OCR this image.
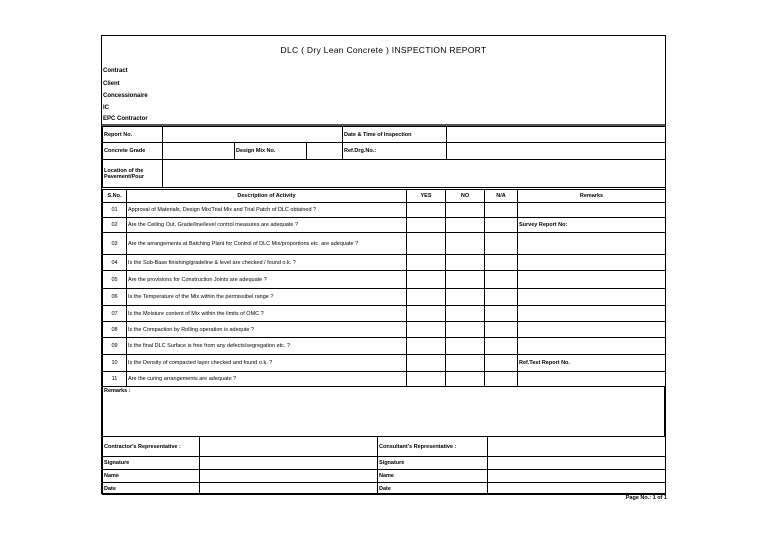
DLC ( Dry Lean Concrete ) INSPECTION REPORT
Contract
Client
Concessionaire
IC
EPC Contractor
Report No.				Date & Time of Inspection	
Concrete Grade		Design Mix No.		Ref.Drg.No.:	
Location of the Pavement/Pour					
S.No.	Description of Activity	YES	NO	N/A	Remarks
01	Approval of Materials, Design Mix/Trial Mix and Trial Patch of DLC obtained ?				
02	Are the Ceiling Out, Grade/line/level control measures are adequate ?				Survey Report No:
03	Are the arrangements at Batching Plant for Control of DLC Mix/proportions etc. are adequate ?				
04	Is the Sub-Base finishing/gradeline & level are checked / found o.k. ?				
05	Are the provisions for Construction Joints are adequate ?				
06	Is the Temperature of the Mix within the permissibel range ?				
07	Is the Moisture content of Mix within the limits of OMC ?				
08	Is the Compaction by Rolling operation is adequte ?				
09	Is the final DLC Surface is free from any defects/segregation etc. ?				
10	Is the Density of compacted layer checked and found o.k. ?				Ref.Test Report No.
11	Are the curing arrangements are adequate ?				
Remarks :
Contractor's Representative :		Consultant's Representative :	
Signature		Signature	
Name		Name	
Date		Date	
Page No.: 1 of 1
